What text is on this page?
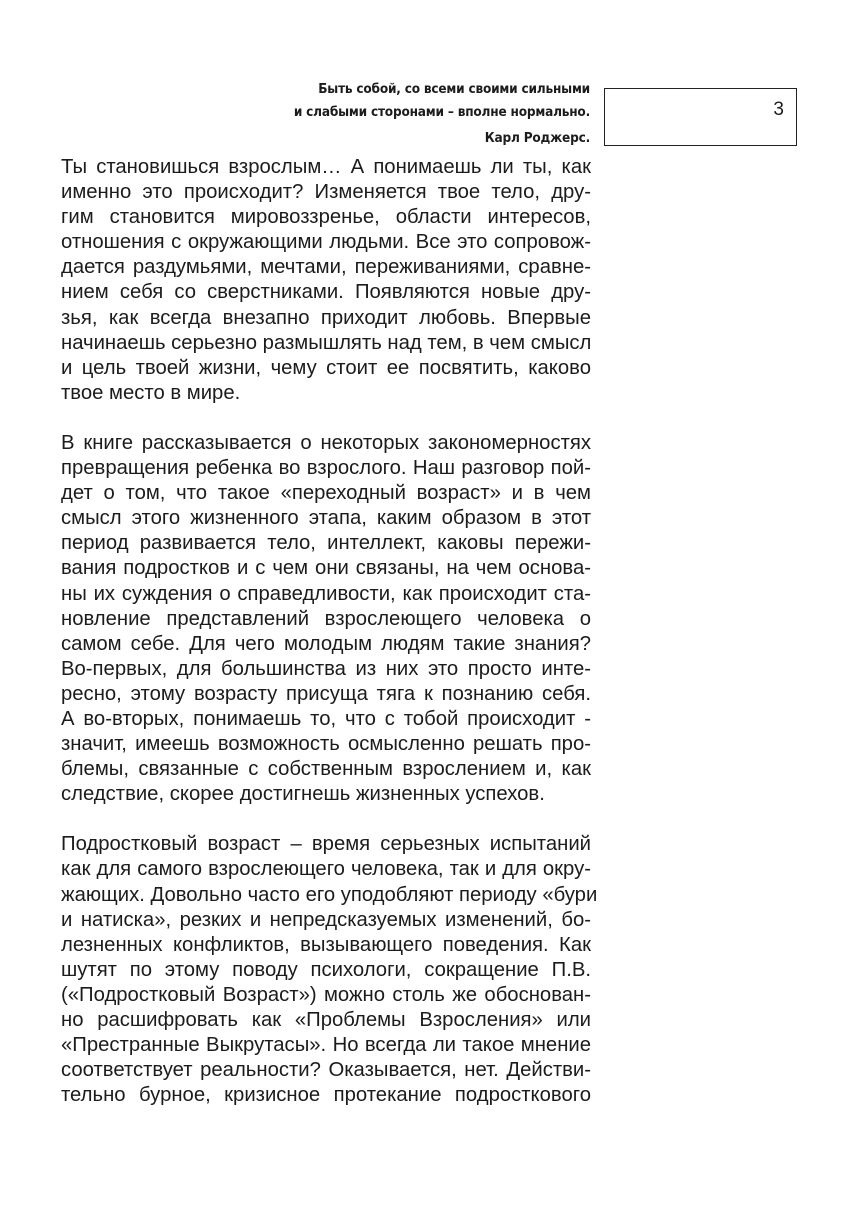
Быть собой, со всеми своими сильными
и слабыми сторонами – вполне нормально.
Карл Роджерс.
3

Ты становишься взрослым… А понимаешь ли ты, как
именно это происходит? Изменяется твое тело, дру-
гим становится мировоззренье, области интересов,
отношения с окружающими людьми. Все это сопровож-
дается раздумьями, мечтами, переживаниями, сравне-
нием себя со сверстниками. Появляются новые дру-
зья, как всегда внезапно приходит любовь. Впервые
начинаешь серьезно размышлять над тем, в чем смысл
и цель твоей жизни, чему стоит ее посвятить, каково
твое место в мире.

В книге рассказывается о некоторых закономерностях
превращения ребенка во взрослого. Наш разговор пой-
дет о том, что такое «переходный возраст» и в чем
смысл этого жизненного этапа, каким образом в этот
период развивается тело, интеллект, каковы пережи-
вания подростков и с чем они связаны, на чем основа-
ны их суждения о справедливости, как происходит ста-
новление представлений взрослеющего человека о
самом себе. Для чего молодым людям такие знания?
Во-первых, для большинства из них это просто инте-
ресно, этому возрасту присуща тяга к познанию себя.
А во-вторых, понимаешь то, что с тобой происходит -
значит, имеешь возможность осмысленно решать про-
блемы, связанные с собственным взрослением и, как
следствие, скорее достигнешь жизненных успехов.

Подростковый возраст – время серьезных испытаний
как для самого взрослеющего человека, так и для окру-
жающих. Довольно часто его уподобляют периоду «бури
и натиска», резких и непредсказуемых изменений, бо-
лезненных конфликтов, вызывающего поведения. Как
шутят по этому поводу психологи, сокращение П.В.
(«Подростковый Возраст») можно столь же обоснован-
но расшифровать как «Проблемы Взросления» или
«Престранные Выкрутасы». Но всегда ли такое мнение
соответствует реальности? Оказывается, нет. Действи-
тельно бурное, кризисное протекание подросткового
